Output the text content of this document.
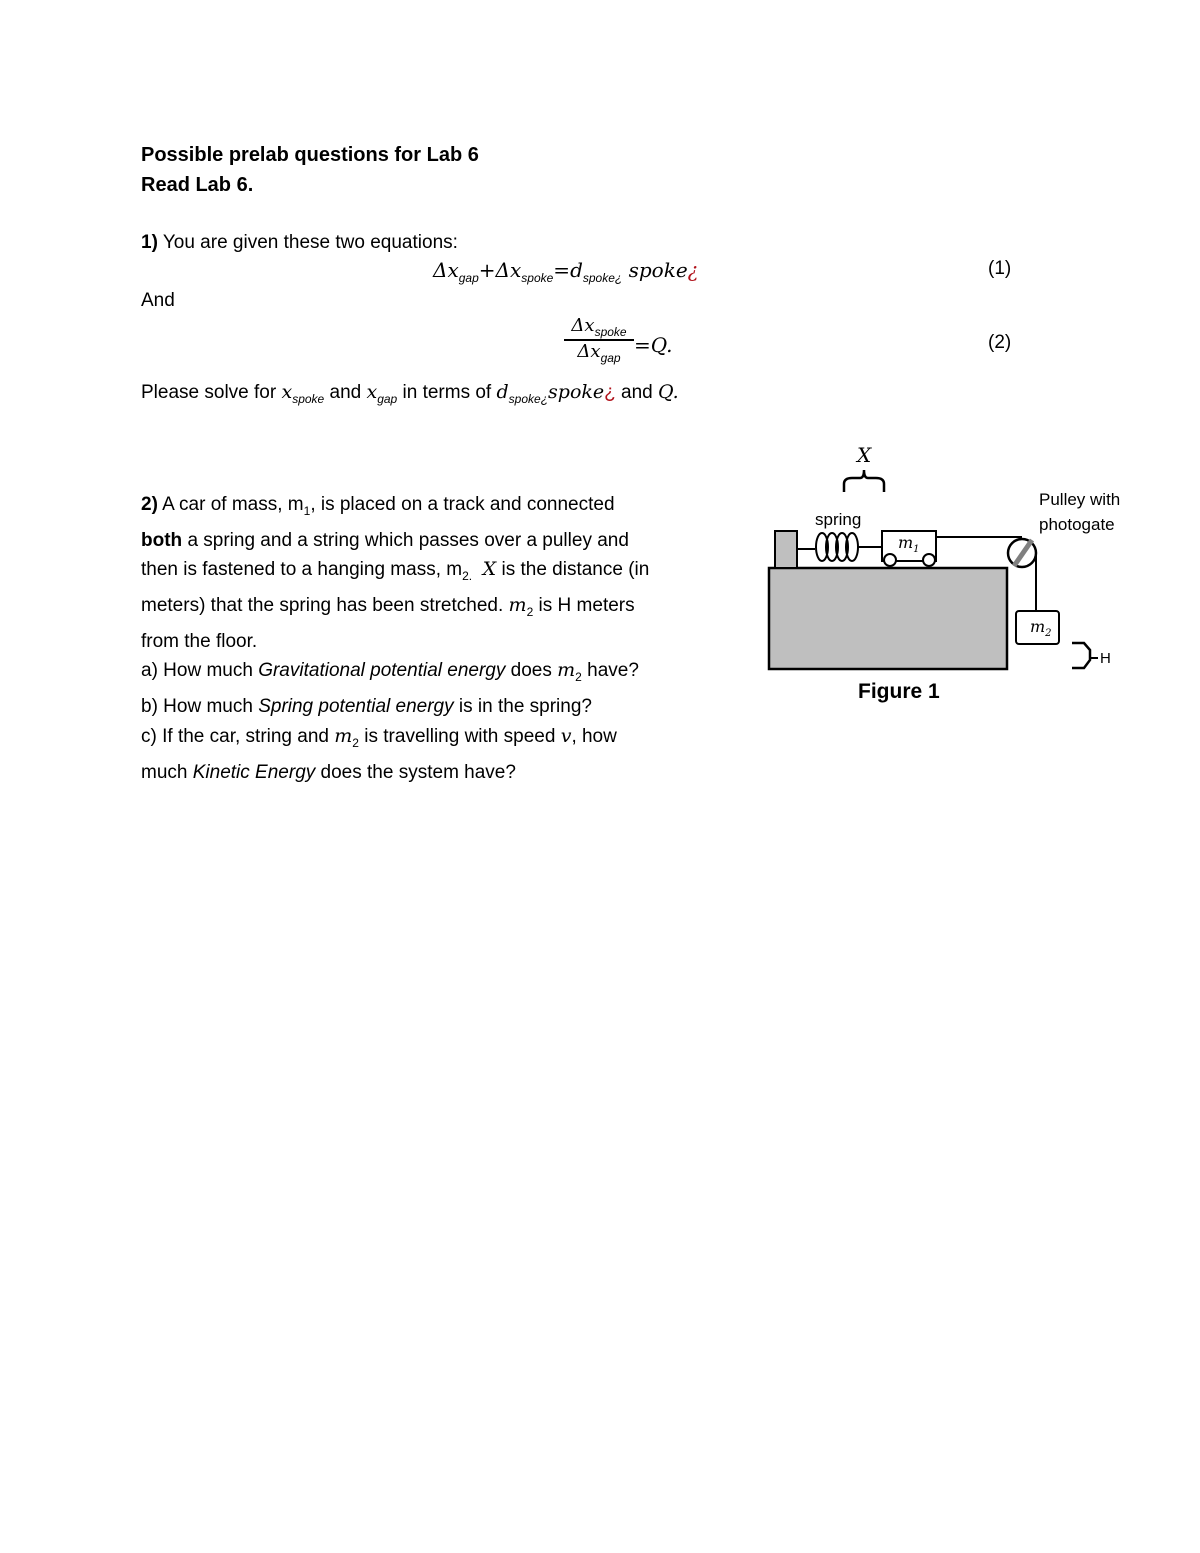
Possible prelab questions for Lab 6
Read Lab 6.
1) You are given these two equations:
$\Delta x_{gap}+\Delta x_{spoke}=d_{spoke¿}$ spoke¿	(1)
And
$\Delta x_{spoke}$
$\Delta x_{gap}$
=Q.	(2)
Please solve for $x_{spoke}$ and $x_{gap}$ in terms of $d_{spoke¿}spoke¿$ and Q.

2) A car of mass, $m_1$, is placed on a track and connected

both a spring and a string which passes over a pulley and

then is fastened to a hanging mass, $m_{2.}$ X is the distance (in

meters) that the spring has been stretched. $m_2$ is H meters

from the floor.

a) How much Gravitational potential energy does $m_2$ have?

b) How much Spring potential energy is in the spring?

c) If the car, string and $m_2$ is travelling with speed v, how

much Kinetic Energy does the system have?

X
spring
$m_1$
$m_2$
Pulley with
photogate
H
Figure 1
